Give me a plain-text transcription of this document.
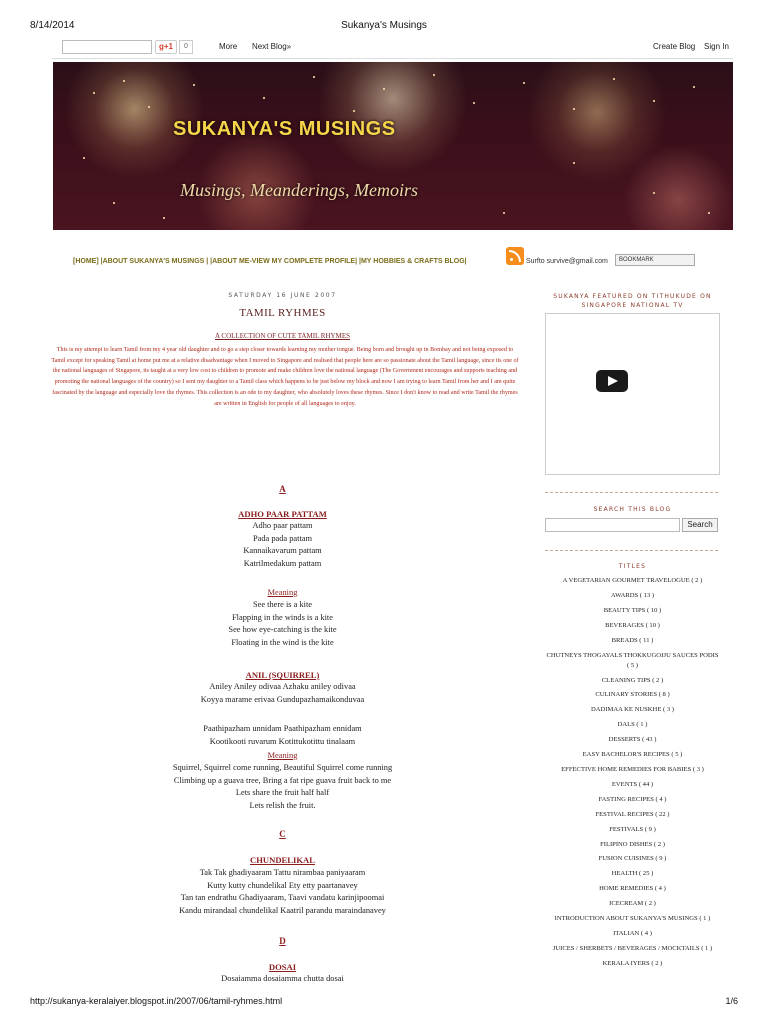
8/14/2014	Sukanya's Musings
g+1	0	More Next Blog»	Create Blog Sign In
SUKANYA'S MUSINGS
Musings, Meanderings, Memoirs
[HOME] |ABOUT SUKANYA'S MUSINGS | |ABOUT ME-VIEW MY COMPLETE PROFILE| |MY HOBBIES & CRAFTS BLOG|	Surfto survive@gmail.com	BOOKMARK
SATURDAY 16 JUNE 2007
TAMIL RYHMES
A COLLECTION OF CUTE TAMIL RHYMES
This is my attempt to learn Tamil from my 4 year old daughter and to go a step closer towards learning my mother tongue. Being born and brought up in Bombay and not being exposed to Tamil except for speaking Tamil at home put me at a relative disadvantage when I moved to Singapore and realised that people here are so passionate about the Tamil language, since its one of the national languages of Singapore, its taught at a very low cost to children to promote and make children love the national language (The Government encourages and supports teaching and promoting the national languages of the country) so I sent my daughter to a Tamil class which happens to be just below my block and now I am trying to learn Tamil from her and I am quite fascinated by the language and especially love the rhymes. This collection is an ode to my daughter, who absolutely loves these rhymes. Since I don't know to read and write Tamil the rhymes are written in English for people of all languages to enjoy.
A
ADHO PAAR PATTAM
Adho paar pattam
Pada pada pattam
Kannaikavarum pattam
Katrilmedakum pattam
Meaning
See there is a kite
Flapping in the winds is a kite
See how eye-catching is the kite
Floating in the wind is the kite
ANIL (SQUIRREL)
Aniley Aniley odivaa Azhaku aniley odivaa
Koyya marame erivaa Gundupazhamaikonduvaa
Paathipazham unnidam Paathipazham ennidam
Kootikooti ruvarum Kotittukotittu tinalaam
Meaning
Squirrel, Squirrel come running, Beautiful Squirrel come running
Climbing up a guava tree, Bring a fat ripe guava fruit back to me
Lets share the fruit half half
Lets relish the fruit.
C
CHUNDELIKAL
Tak Tak ghadiyaaram Tattu nirambaa paniyaaram
Kutty kutty chundelikal Ety etty paartanavey
Tan tan endrathu Ghadiyaaram, Taavi vandatu karinjipoomai
Kandu mirandaal chundelikal Kaatril parandu maraindanavey
D
DOSAI
Dosaiamma dosaiamma chutta dosai
SUKANYA FEATURED ON TITHUKUDE ON SINGAPORE NATIONAL TV
SEARCH THIS BLOG
Search
TITLES
A VEGETARIAN GOURMET TRAVELOGUE ( 2 )
AWARDS ( 13 )
BEAUTY TIPS ( 10 )
BEVERAGES ( 10 )
BREADS ( 11 )
CHUTNEYS THOGAYALS THOKKUGOJJU SAUCES PODIS ( 5 )
CLEANING TIPS ( 2 )
CULINARY STORIES ( 8 )
DADIMAA KE NUSKHE ( 3 )
DALS ( 1 )
DESSERTS ( 43 )
EASY BACHELOR'S RECIPES ( 5 )
EFFECTIVE HOME REMEDIES FOR BABIES ( 3 )
EVENTS ( 44 )
FASTING RECIPES ( 4 )
FESTIVAL RECIPES ( 22 )
FESTIVALS ( 9 )
FILIPINO DISHES ( 2 )
FUSION CUISINES ( 9 )
HEALTH ( 25 )
HOME REMEDIES ( 4 )
ICECREAM ( 2 )
INTRODUCTION ABOUT SUKANYA'S MUSINGS ( 1 )
ITALIAN ( 4 )
JUICES / SHERBETS / BEVERAGES / MOCKTAILS ( 1 )
KERALA IYERS ( 2 )
http://sukanya-keralaiyer.blogspot.in/2007/06/tamil-ryhmes.html	1/6
